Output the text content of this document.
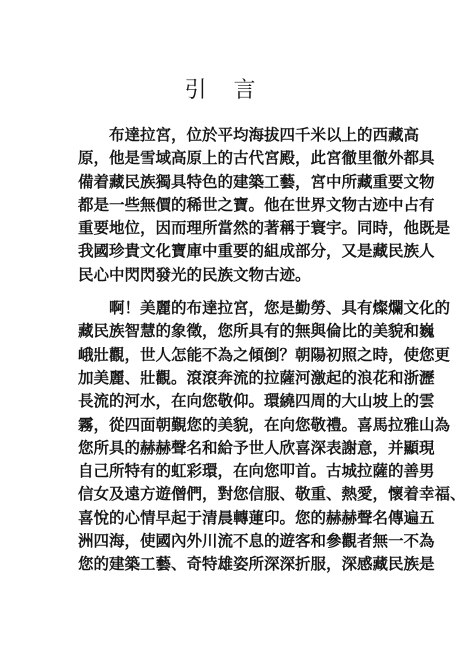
引 言
布達拉宮，位於平均海拔四千米以上的西藏高
原，他是雪域高原上的古代宮殿，此宮徹里徹外都具
備着藏民族獨具特色的建築工藝，宮中所藏重要文物
都是一些無價的稀世之寶。他在世界文物古迹中占有
重要地位，因而理所當然的著稱于寰宇。同時，他既是
我國珍貴文化寶庫中重要的組成部分，又是藏民族人
民心中閃閃發光的民族文物古迹。
啊！美麗的布達拉宮，您是勤勞、具有燦爛文化的
藏民族智慧的象徵，您所具有的無與倫比的美貌和巍
峨壯觀，世人怎能不為之傾倒？朝陽初照之時，使您更
加美麗、壯觀。滾滾奔流的拉薩河激起的浪花和浙瀝
長流的河水，在向您敬仰。環繞四周的大山坡上的雲
霧，從四面朝覲您的美貌，在向您敬禮。喜馬拉雅山為
您所具的赫赫聲名和給予世人欣喜深表謝意，并顯現
自己所特有的虹彩環，在向您叩首。古城拉薩的善男
信女及遠方遊僧們，對您信服、敬重、熱愛，懷着幸福、
喜悅的心情早起于清晨轉蓮印。您的赫赫聲名傳遍五
洲四海，使國內外川流不息的遊客和參觀者無一不為
您的建築工藝、奇特雄姿所深深折服，深感藏民族是
